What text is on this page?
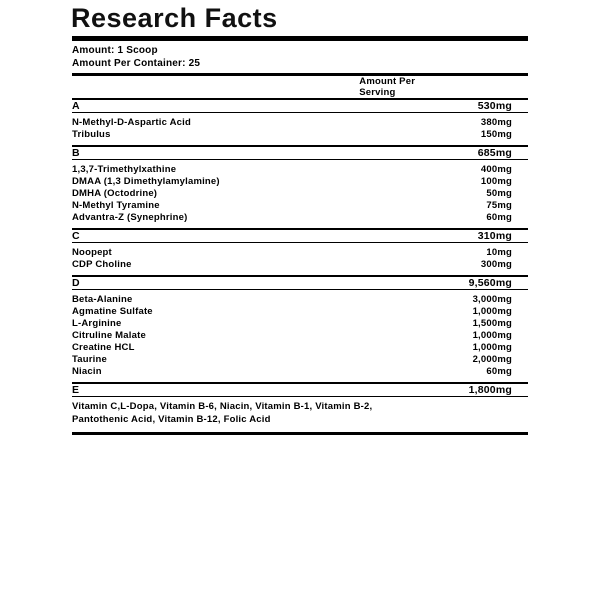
Research Facts
Amount: 1 Scoop
Amount Per Container: 25
	Amount Per
Serving

A	530mg

N-Methyl-D-Aspartic Acid	380mg
Tribulus	150mg

B	685mg

1,3,7-Trimethylxathine	400mg
DMAA (1,3 Dimethylamylamine)	100mg
DMHA (Octodrine)	50mg
N-Methyl Tyramine	75mg
Advantra-Z (Synephrine)	60mg

C	310mg

Noopept	10mg
CDP Choline	300mg

D	9,560mg

Beta-Alanine	3,000mg
Agmatine Sulfate	1,000mg
L-Arginine	1,500mg
Citruline Malate	1,000mg
Creatine HCL	1,000mg
Taurine	2,000mg
Niacin	60mg

E	1,800mg
Vitamin C,L-Dopa, Vitamin B-6, Niacin, Vitamin B-1, Vitamin B-2,
Pantothenic Acid, Vitamin B-12, Folic Acid
